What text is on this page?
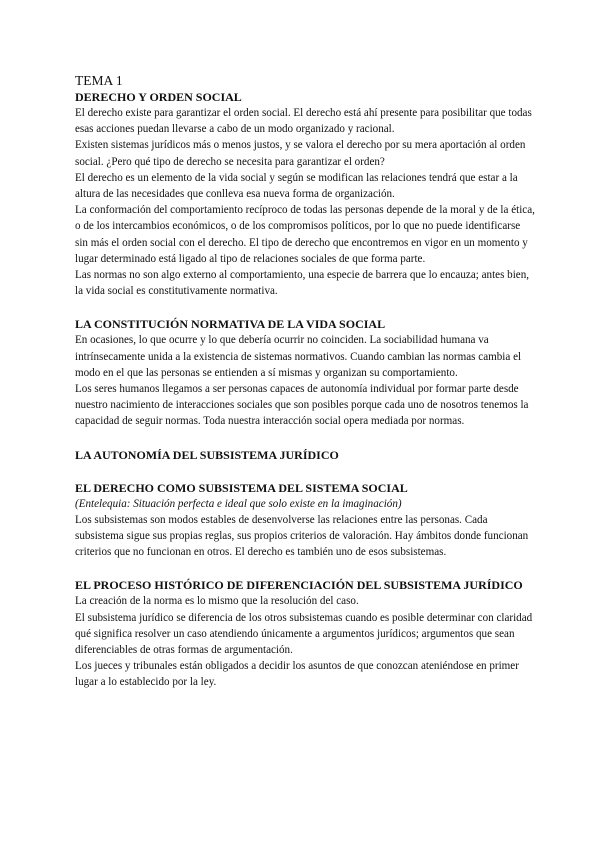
TEMA 1

DERECHO Y ORDEN SOCIAL

El derecho existe para garantizar el orden social. El derecho está ahí presente para posibilitar que todas esas acciones puedan llevarse a cabo de un modo organizado y racional.

Existen sistemas jurídicos más o menos justos, y se valora el derecho por su mera aportación al orden social. ¿Pero qué tipo de derecho se necesita para garantizar el orden?

El derecho es un elemento de la vida social y según se modifican las relaciones tendrá que estar a la altura de las necesidades que conlleva esa nueva forma de organización.

La conformación del comportamiento recíproco de todas las personas depende de la moral y de la ética, o de los intercambios económicos, o de los compromisos políticos, por lo que no puede identificarse sin más el orden social con el derecho. El tipo de derecho que encontremos en vigor en un momento y lugar determinado está ligado al tipo de relaciones sociales de que forma parte.

Las normas no son algo externo al comportamiento, una especie de barrera que lo encauza; antes bien, la vida social es constitutivamente normativa.

LA CONSTITUCIÓN NORMATIVA DE LA VIDA SOCIAL

En ocasiones, lo que ocurre y lo que debería ocurrir no coinciden. La sociabilidad humana va intrínsecamente unida a la existencia de sistemas normativos. Cuando cambian las normas cambia el modo en el que las personas se entienden a sí mismas y organizan su comportamiento.

Los seres humanos llegamos a ser personas capaces de autonomía individual por formar parte desde nuestro nacimiento de interacciones sociales que son posibles porque cada uno de nosotros tenemos la capacidad de seguir normas. Toda nuestra interacción social opera mediada por normas.

LA AUTONOMÍA DEL SUBSISTEMA JURÍDICO

EL DERECHO COMO SUBSISTEMA DEL SISTEMA SOCIAL

(Entelequia: Situación perfecta e ideal que solo existe en la imaginación)

Los subsistemas son modos estables de desenvolverse las relaciones entre las personas. Cada subsistema sigue sus propias reglas, sus propios criterios de valoración. Hay ámbitos donde funcionan criterios que no funcionan en otros. El derecho es también uno de esos subsistemas.

EL PROCESO HISTÓRICO DE DIFERENCIACIÓN DEL SUBSISTEMA JURÍDICO

La creación de la norma es lo mismo que la resolución del caso.

El subsistema jurídico se diferencia de los otros subsistemas cuando es posible determinar con claridad qué significa resolver un caso atendiendo únicamente a argumentos jurídicos; argumentos que sean diferenciables de otras formas de argumentación.

Los jueces y tribunales están obligados a decidir los asuntos de que conozcan ateniéndose en primer lugar a lo establecido por la ley.
